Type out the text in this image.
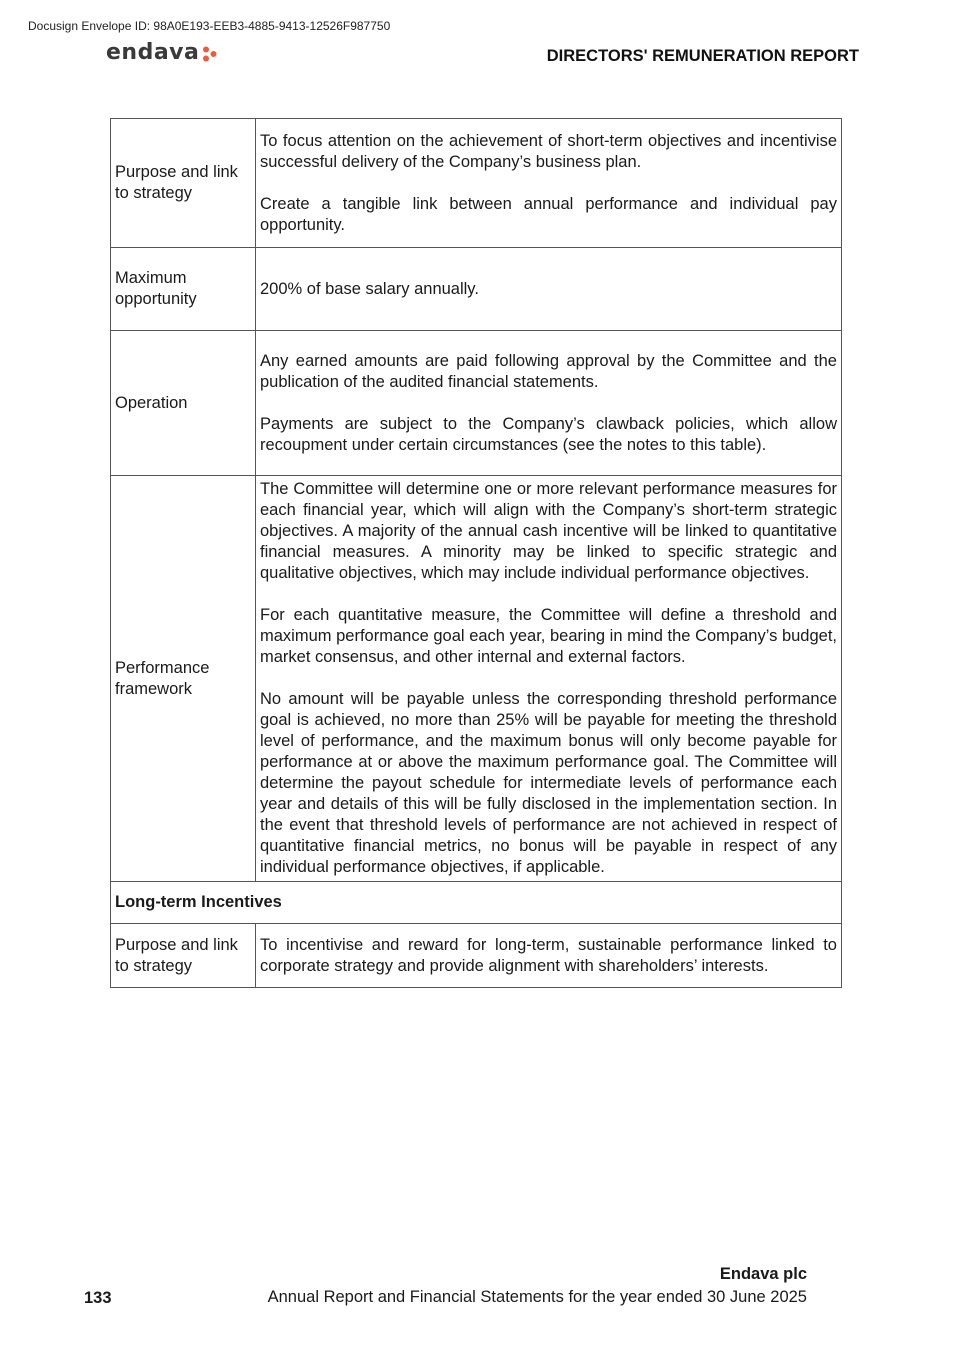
Docusign Envelope ID: 98A0E193-EEB3-4885-9413-12526F987750
endava	DIRECTORS' REMUNERATION REPORT
Purpose and link to strategy	To focus attention on the achievement of short-term objectives and incentivise successful delivery of the Company’s business plan.

Create a tangible link between annual performance and individual pay opportunity.

Maximum opportunity	200% of base salary annually.

Operation	Any earned amounts are paid following approval by the Committee and the publication of the audited financial statements.

Payments are subject to the Company’s clawback policies, which allow recoupment under certain circumstances (see the notes to this table).

Performance framework	The Committee will determine one or more relevant performance measures for each financial year, which will align with the Company’s short-term strategic objectives. A majority of the annual cash incentive will be linked to quantitative financial measures. A minority may be linked to specific strategic and qualitative objectives, which may include individual performance objectives.

For each quantitative measure, the Committee will define a threshold and maximum performance goal each year, bearing in mind the Company’s budget, market consensus, and other internal and external factors.

No amount will be payable unless the corresponding threshold performance goal is achieved, no more than 25% will be payable for meeting the threshold level of performance, and the maximum bonus will only become payable for performance at or above the maximum performance goal. The Committee will determine the payout schedule for intermediate levels of performance each year and details of this will be fully disclosed in the implementation section. In the event that threshold levels of performance are not achieved in respect of quantitative financial metrics, no bonus will be payable in respect of any individual performance objectives, if applicable.

Long-term Incentives	
Purpose and link to strategy	To incentivise and reward for long-term, sustainable performance linked to corporate strategy and provide alignment with shareholders’ interests.

Endava plc
133	Annual Report and Financial Statements for the year ended 30 June 2025
